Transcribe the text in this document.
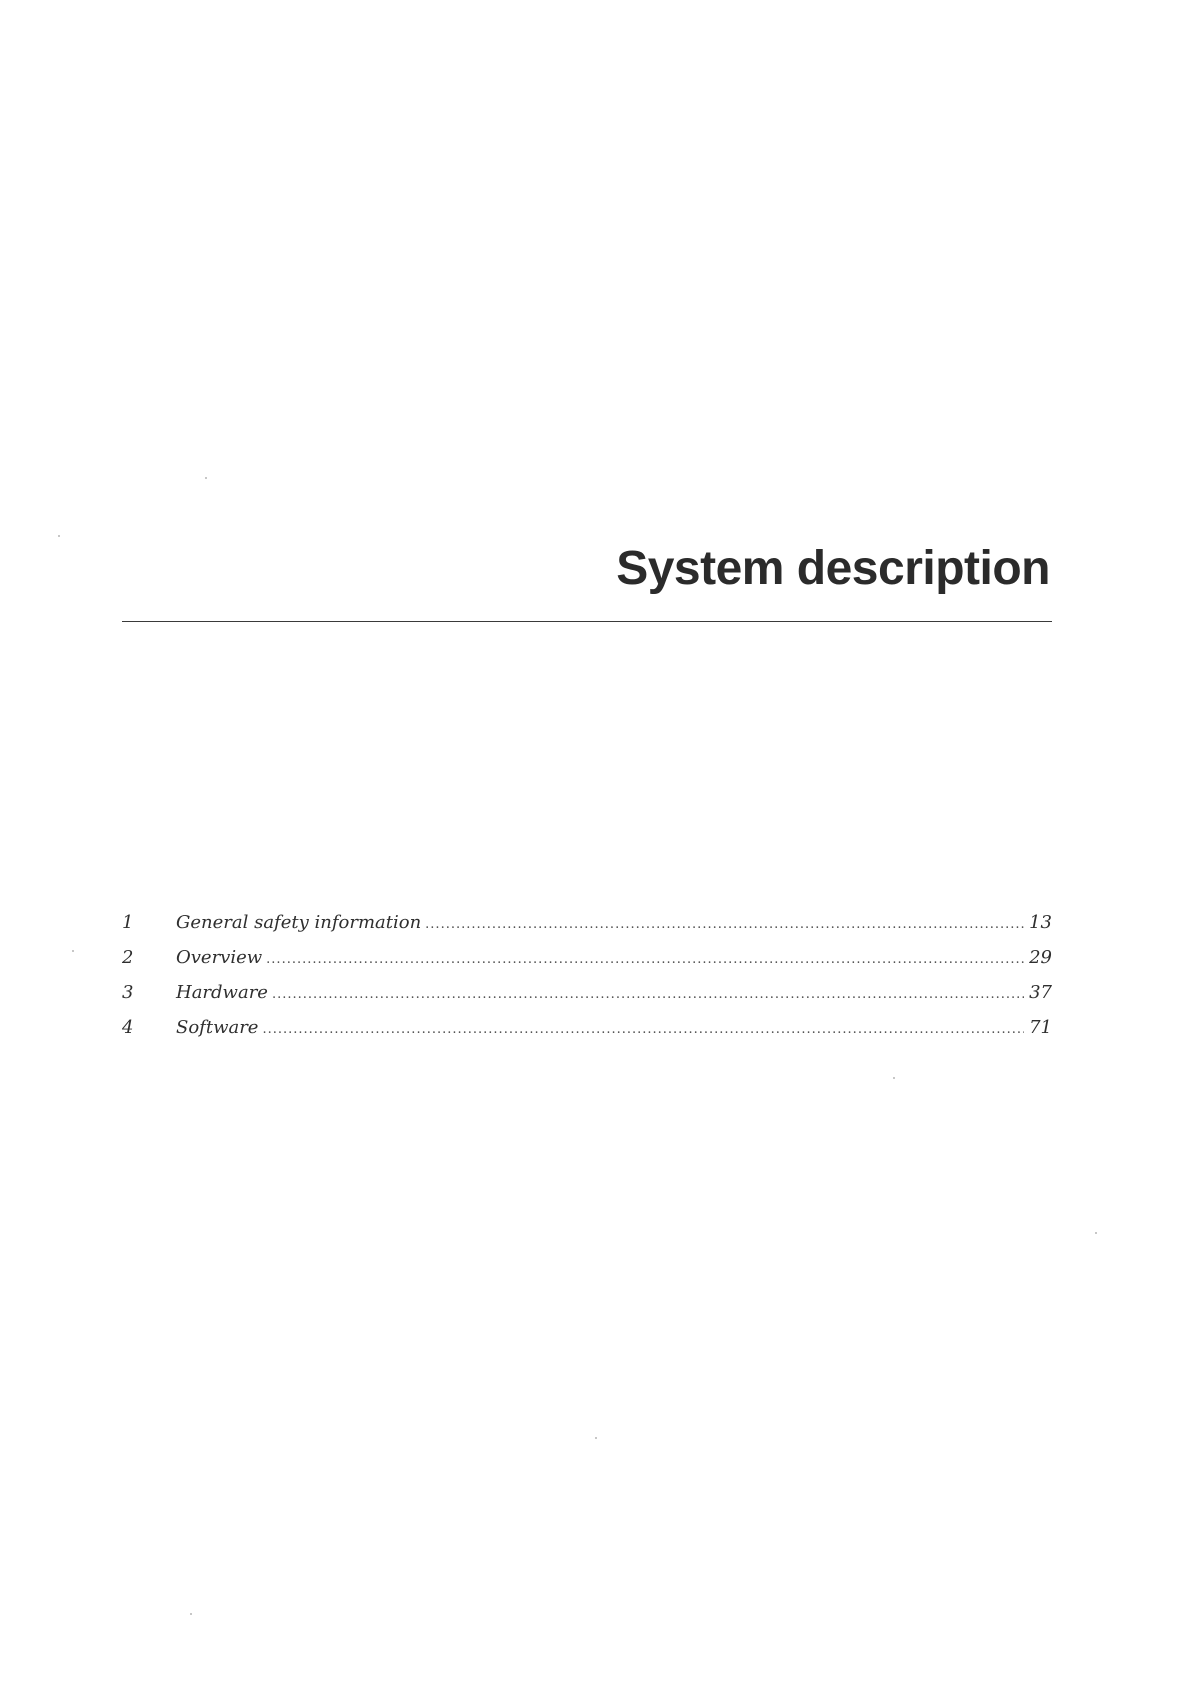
System description
1	General safety information .....	13
2	Overview .....	29
3	Hardware .....	37
4	Software .....	71
